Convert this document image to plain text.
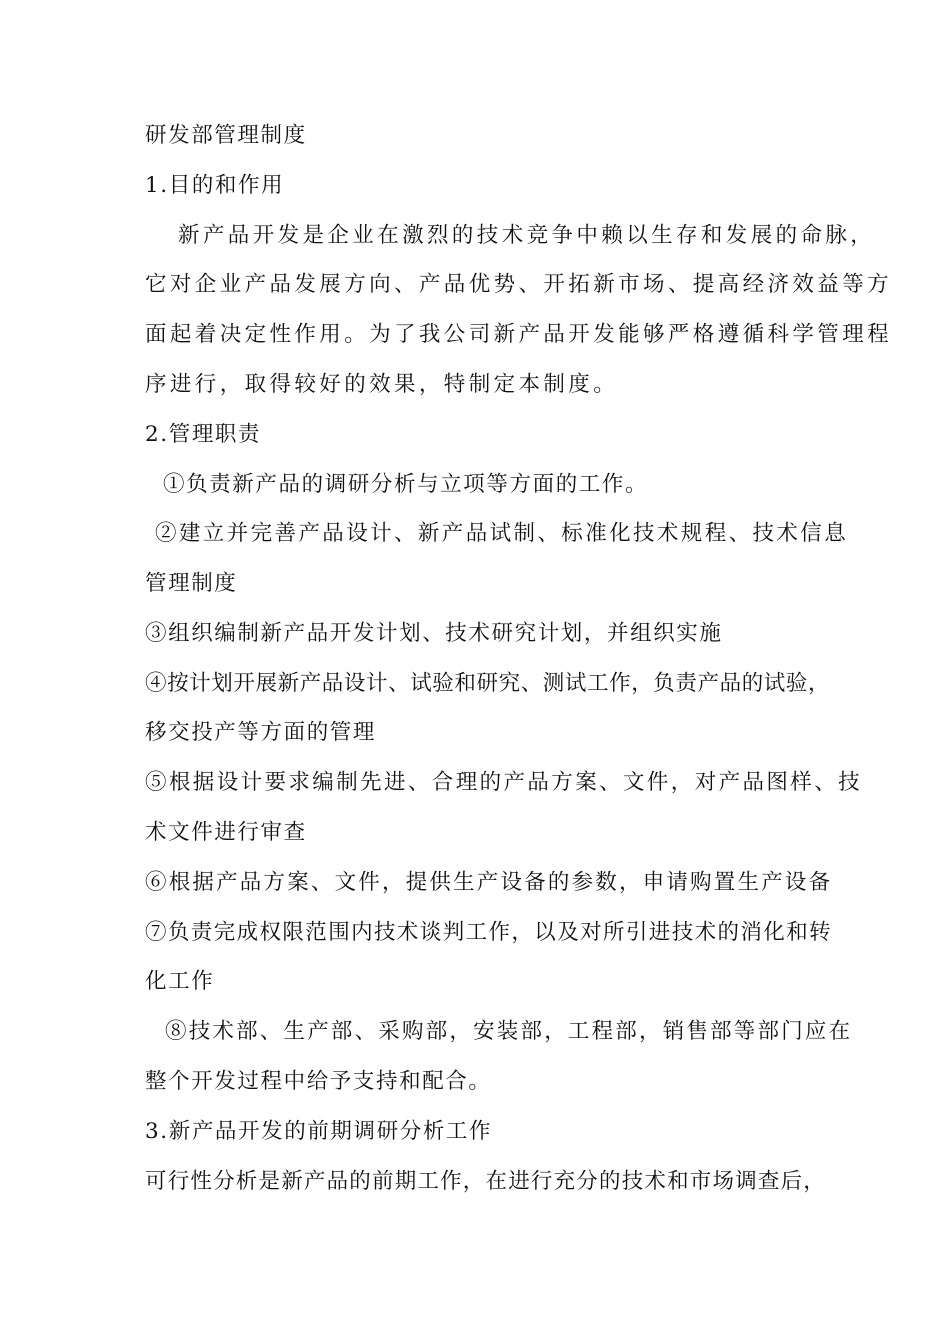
研发部管理制度
1.目的和作用
新产品开发是企业在激烈的技术竞争中赖以生存和发展的命脉，
它对企业产品发展方向、产品优势、开拓新市场、提高经济效益等方
面起着决定性作用。为了我公司新产品开发能够严格遵循科学管理程
序进行，取得较好的效果，特制定本制度。
2.管理职责
①负责新产品的调研分析与立项等方面的工作。
②建立并完善产品设计、新产品试制、标准化技术规程、技术信息
管理制度
③组织编制新产品开发计划、技术研究计划，并组织实施
④按计划开展新产品设计、试验和研究、测试工作，负责产品的试验，
移交投产等方面的管理
⑤根据设计要求编制先进、合理的产品方案、文件，对产品图样、技
术文件进行审查
⑥根据产品方案、文件，提供生产设备的参数，申请购置生产设备
⑦负责完成权限范围内技术谈判工作，以及对所引进技术的消化和转
化工作
⑧技术部、生产部、采购部，安装部，工程部，销售部等部门应在
整个开发过程中给予支持和配合。
3.新产品开发的前期调研分析工作
可行性分析是新产品的前期工作，在进行充分的技术和市场调查后，
